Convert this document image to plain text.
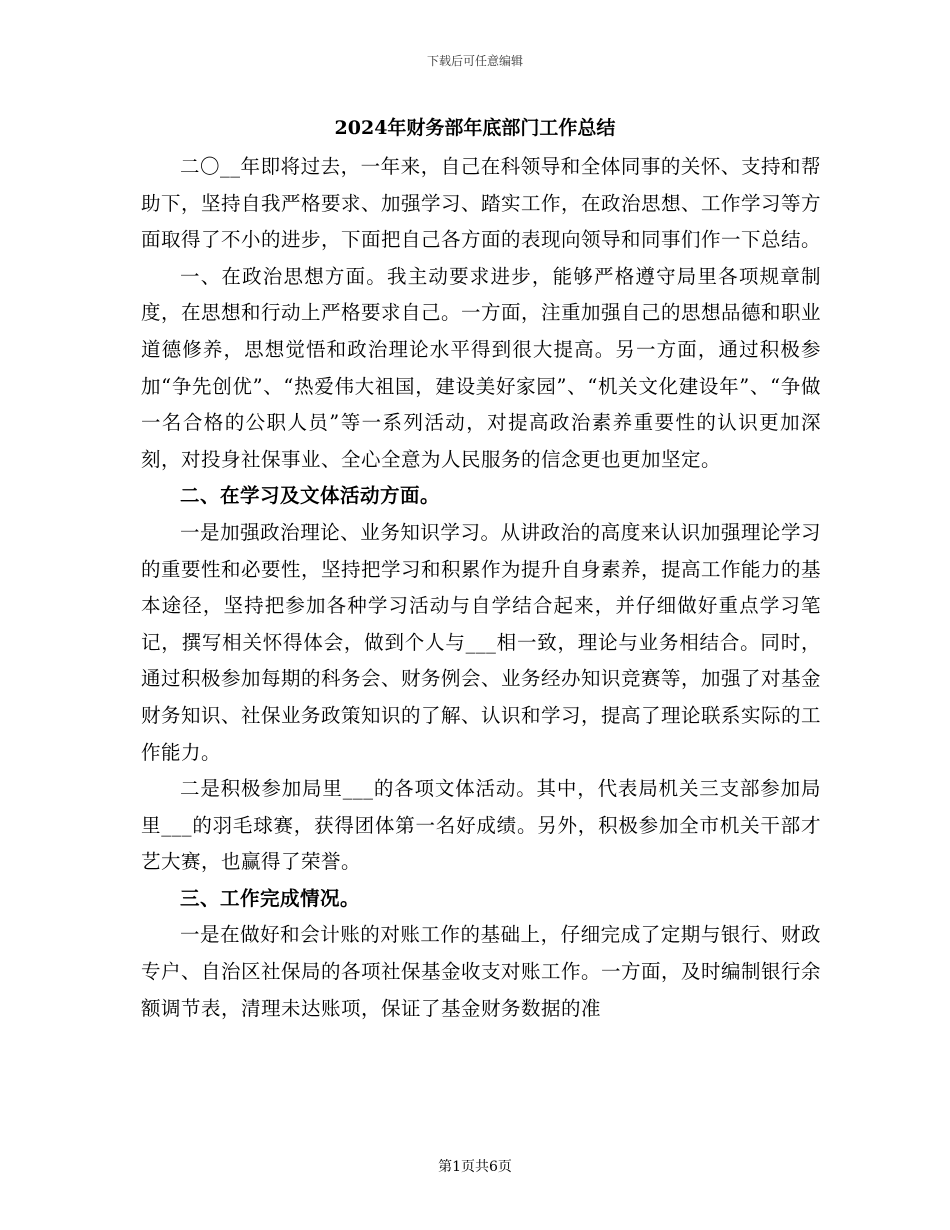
下载后可任意编辑
2024年财务部年底部门工作总结

二〇__年即将过去，一年来，自己在科领导和全体同事的关怀、支持和帮助下，坚持自我严格要求、加强学习、踏实工作，在政治思想、工作学习等方面取得了不小的进步，下面把自己各方面的表现向领导和同事们作一下总结。

一、在政治思想方面。我主动要求进步，能够严格遵守局里各项规章制度，在思想和行动上严格要求自己。一方面，注重加强自己的思想品德和职业道德修养，思想觉悟和政治理论水平得到很大提高。另一方面，通过积极参加“争先创优”、“热爱伟大祖国，建设美好家园”、“机关文化建设年”、“争做一名合格的公职人员”等一系列活动，对提高政治素养重要性的认识更加深刻，对投身社保事业、全心全意为人民服务的信念更也更加坚定。

二、在学习及文体活动方面。

一是加强政治理论、业务知识学习。从讲政治的高度来认识加强理论学习的重要性和必要性，坚持把学习和积累作为提升自身素养，提高工作能力的基本途径，坚持把参加各种学习活动与自学结合起来，并仔细做好重点学习笔记，撰写相关怀得体会，做到个人与___相一致，理论与业务相结合。同时，通过积极参加每期的科务会、财务例会、业务经办知识竞赛等，加强了对基金财务知识、社保业务政策知识的了解、认识和学习，提高了理论联系实际的工作能力。

二是积极参加局里___的各项文体活动。其中，代表局机关三支部参加局里___的羽毛球赛，获得团体第一名好成绩。另外，积极参加全市机关干部才艺大赛，也赢得了荣誉。

三、工作完成情况。

一是在做好和会计账的对账工作的基础上，仔细完成了定期与银行、财政专户、自治区社保局的各项社保基金收支对账工作。一方面，及时编制银行余额调节表，清理未达账项，保证了基金财务数据的准

第1页共6页
